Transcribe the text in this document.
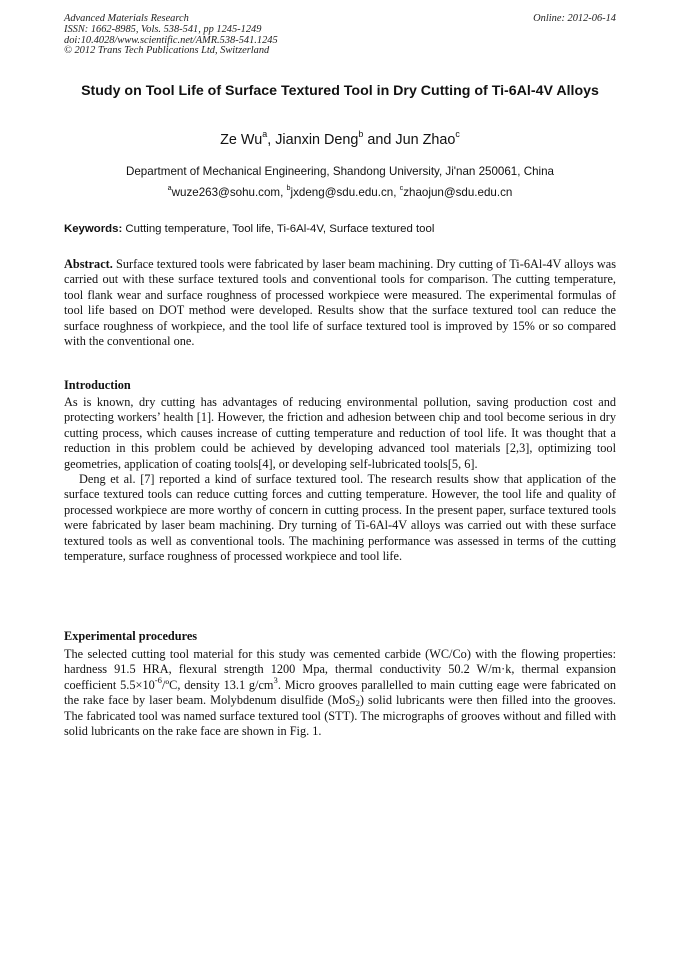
Advanced Materials Research
ISSN: 1662-8985, Vols. 538-541, pp 1245-1249
doi:10.4028/www.scientific.net/AMR.538-541.1245
© 2012 Trans Tech Publications Ltd, Switzerland
Online: 2012-06-14
Study on Tool Life of Surface Textured Tool in Dry Cutting of Ti-6Al-4V Alloys
Ze Wu$^a$, Jianxin Deng$^b$ and Jun Zhao$^c$
Department of Mechanical Engineering, Shandong University, Ji'nan 250061, China
$^a$wuze263@sohu.com, $^b$jxdeng@sdu.edu.cn, $^c$zhaojun@sdu.edu.cn
Keywords: Cutting temperature, Tool life, Ti-6Al-4V, Surface textured tool
Abstract. Surface textured tools were fabricated by laser beam machining. Dry cutting of Ti-6Al-4V alloys was carried out with these surface textured tools and conventional tools for comparison. The cutting temperature, tool flank wear and surface roughness of processed workpiece were measured. The experimental formulas of tool life based on DOT method were developed. Results show that the surface textured tool can reduce the surface roughness of workpiece, and the tool life of surface textured tool is improved by 15% or so compared with the conventional one.
Introduction

As is known, dry cutting has advantages of reducing environmental pollution, saving production cost and protecting workers’ health [1]. However, the friction and adhesion between chip and tool become serious in dry cutting process, which causes increase of cutting temperature and reduction of tool life. It was thought that a reduction in this problem could be achieved by developing advanced tool materials [2,3], optimizing tool geometries, application of coating tools[4], or developing self-lubricated tools[5, 6].

Deng et al. [7] reported a kind of surface textured tool. The research results show that application of the surface textured tools can reduce cutting forces and cutting temperature. However, the tool life and quality of processed workpiece are more worthy of concern in cutting process. In the present paper, surface textured tools were fabricated by laser beam machining. Dry turning of Ti-6Al-4V alloys was carried out with these surface textured tools as well as conventional tools. The machining performance was assessed in terms of the cutting temperature, surface roughness of processed workpiece and tool life.

Experimental procedures

The selected cutting tool material for this study was cemented carbide (WC/Co) with the flowing properties: hardness 91.5 HRA, flexural strength 1200 Mpa, thermal conductivity 50.2 W/m·k, thermal expansion coefficient $5.5\times 10^{-6}/ºC$, density 13.1 $g/cm^3$. Micro grooves parallelled to main cutting eage were fabricated on the rake face by laser beam. Molybdenum disulfide (MoS$_2$) solid lubricants were then filled into the grooves. The fabricated tool was named surface textured tool (STT). The micrographs of grooves without and filled with solid lubricants on the rake face are shown in Fig. 1.
